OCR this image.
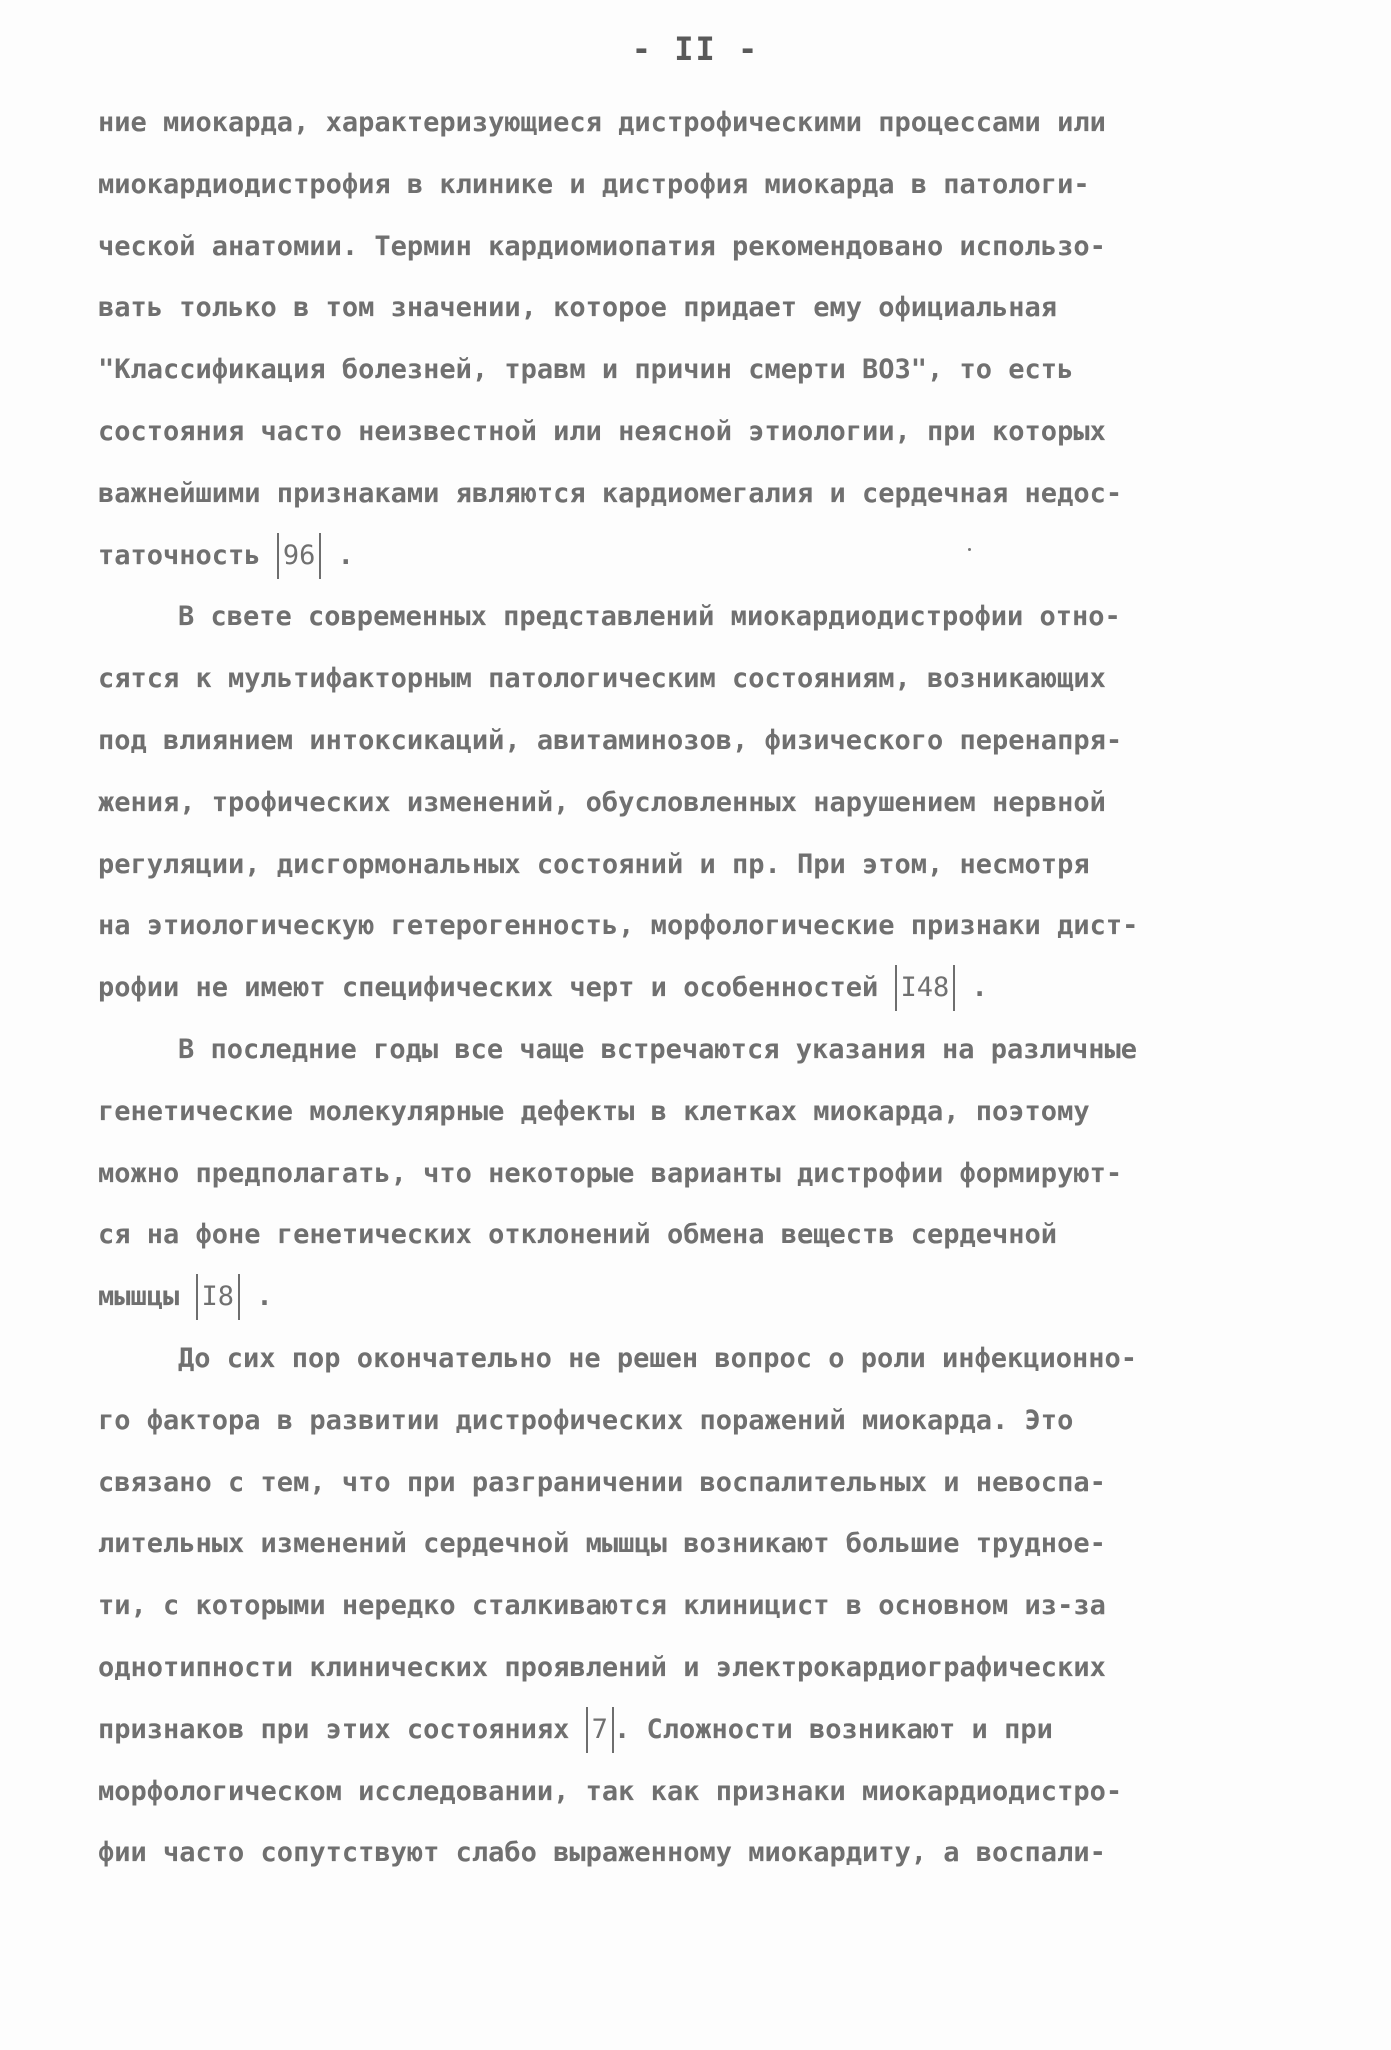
- II -
ние миокарда, характеризующиеся дистрофическими процессами или
миокардиодистрофия в клинике и дистрофия миокарда в патологи-
ческой анатомии. Термин кардиомиопатия рекомендовано использо-
вать только в том значении, которое придает ему официальная
"Классификация болезней, травм и причин смерти ВОЗ", то есть
состояния часто неизвестной или неясной этиологии, при которых
важнейшими признаками являются кардиомегалия и сердечная недос-
таточность 96 .
В свете современных представлений миокардиодистрофии отно-
сятся к мультифакторным патологическим состояниям, возникающих
под влиянием интоксикаций, авитаминозов, физического перенапря-
жения, трофических изменений, обусловленных нарушением нервной
регуляции, дисгормональных состояний и пр. При этом, несмотря
на этиологическую гетерогенность, морфологические признаки дист-
рофии не имеют специфических черт и особенностей I48 .
В последние годы все чаще встречаются указания на различные
генетические молекулярные дефекты в клетках миокарда, поэтому
можно предполагать, что некоторые варианты дистрофии формируют-
ся на фоне генетических отклонений обмена веществ сердечной
мышцы I8 .
До сих пор окончательно не решен вопрос о роли инфекционно-
го фактора в развитии дистрофических поражений миокарда. Это
связано с тем, что при разграничении воспалительных и невоспа-
лительных изменений сердечной мышцы возникают большие трудное-
ти, с которыми нередко сталкиваются клиницист в основном из-за
однотипности клинических проявлений и электрокардиографических
признаков при этих состояниях 7 . Сложности возникают и при
морфологическом исследовании, так как признаки миокардиодистро-
фии часто сопутствуют слабо выраженному миокардиту, а воспали-
